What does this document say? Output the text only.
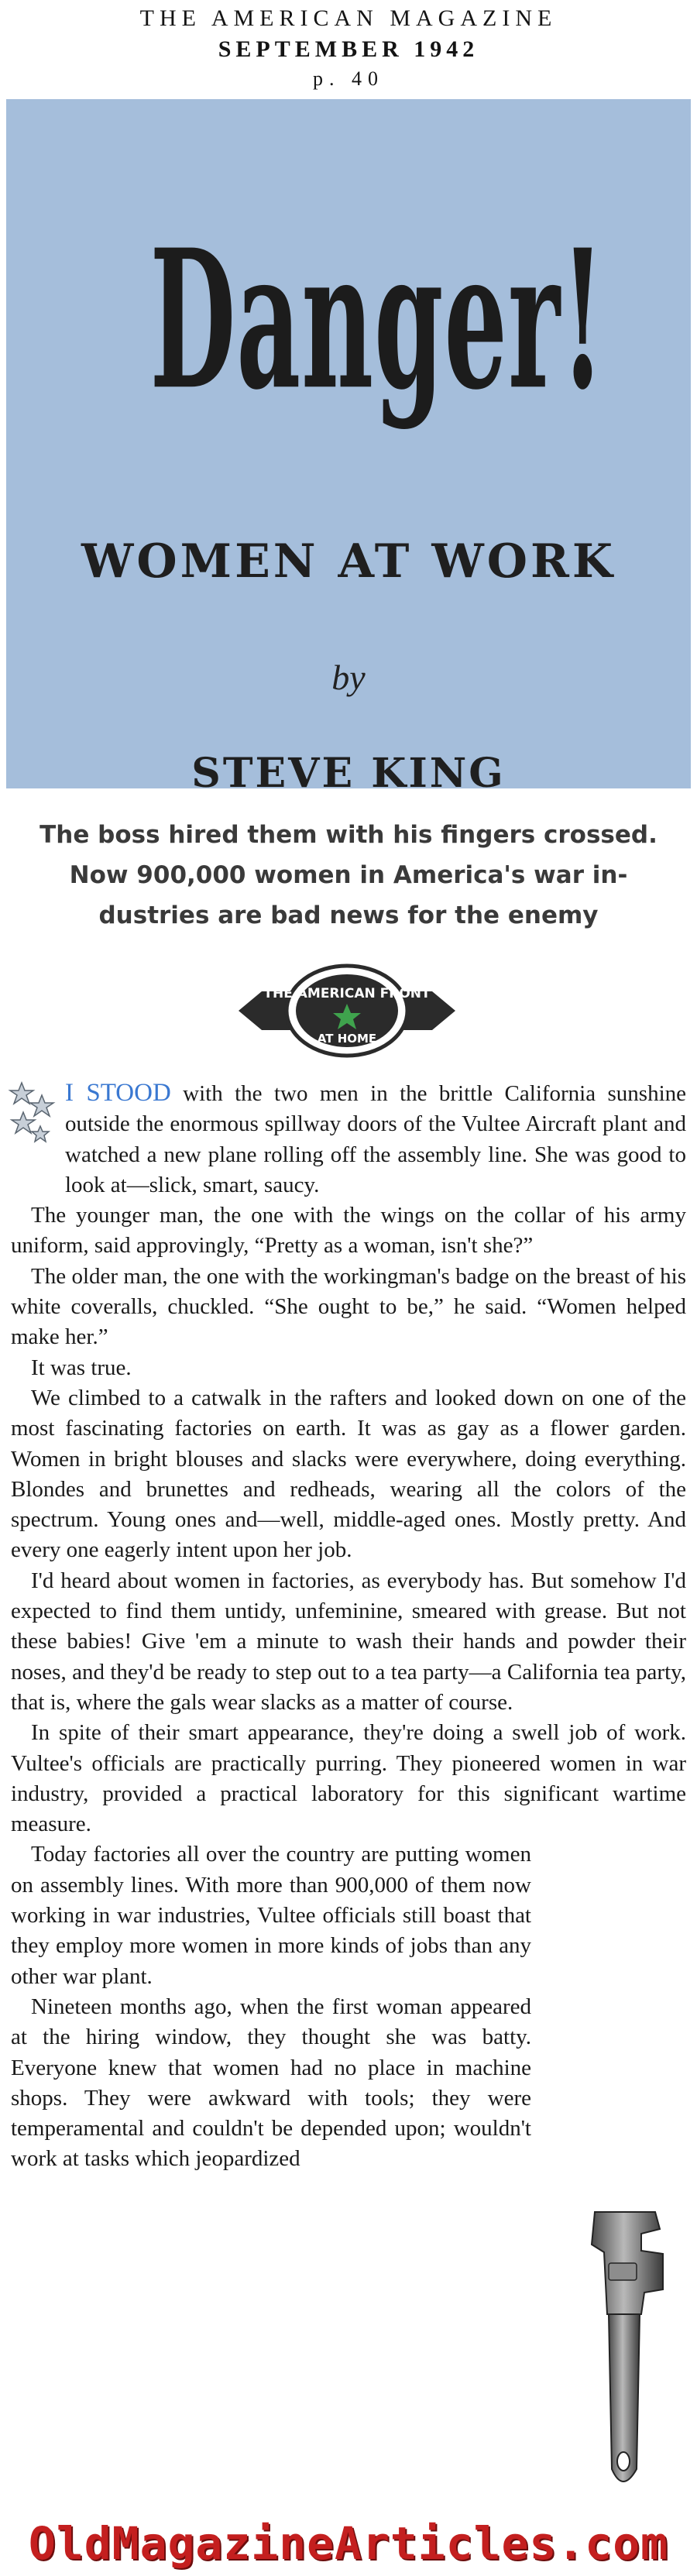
THE AMERICAN MAGAZINE
SEPTEMBER 1942
p. 40
Danger!
WOMEN AT WORK
by
STEVE KING
The boss hired them with his fingers crossed.
Now 900,000 women in America's war in-
dustries are bad news for the enemy
THE AMERICAN FRONT
AT HOME

I STOOD with the two men in the brittle California sunshine outside the enormous spillway doors of the Vultee Aircraft plant and watched a new plane rolling off the assembly line. She was good to look at—slick, smart, saucy.

The younger man, the one with the wings on the collar of his army uniform, said approvingly, “Pretty as a woman, isn't she?”

The older man, the one with the workingman's badge on the breast of his white coveralls, chuckled. “She ought to be,” he said. “Women helped make her.”

It was true.

We climbed to a catwalk in the rafters and looked down on one of the most fascinating factories on earth. It was as gay as a flower garden. Women in bright blouses and slacks were everywhere, doing everything. Blondes and brunettes and redheads, wearing all the colors of the spectrum. Young ones and—well, middle-aged ones. Mostly pretty. And every one eagerly intent upon her job.

I'd heard about women in factories, as everybody has. But somehow I'd expected to find them untidy, unfeminine, smeared with grease. But not these babies! Give 'em a minute to wash their hands and powder their noses, and they'd be ready to step out to a tea party—a California tea party, that is, where the gals wear slacks as a matter of course.

In spite of their smart appearance, they're doing a swell job of work. Vultee's officials are practically purring. They pioneered women in war industry, provided a practical laboratory for this significant wartime measure.

Today factories all over the country are putting women on assembly lines. With more than 900,000 of them now working in war industries, Vultee officials still boast that they employ more women in more kinds of jobs than any other war plant.

Nineteen months ago, when the first woman appeared at the hiring window, they thought she was batty. Everyone knew that women had no place in machine shops. They were awkward with tools; they were temperamental and couldn't be depended upon; wouldn't work at tasks which jeopardized

OldMagazineArticles.com
